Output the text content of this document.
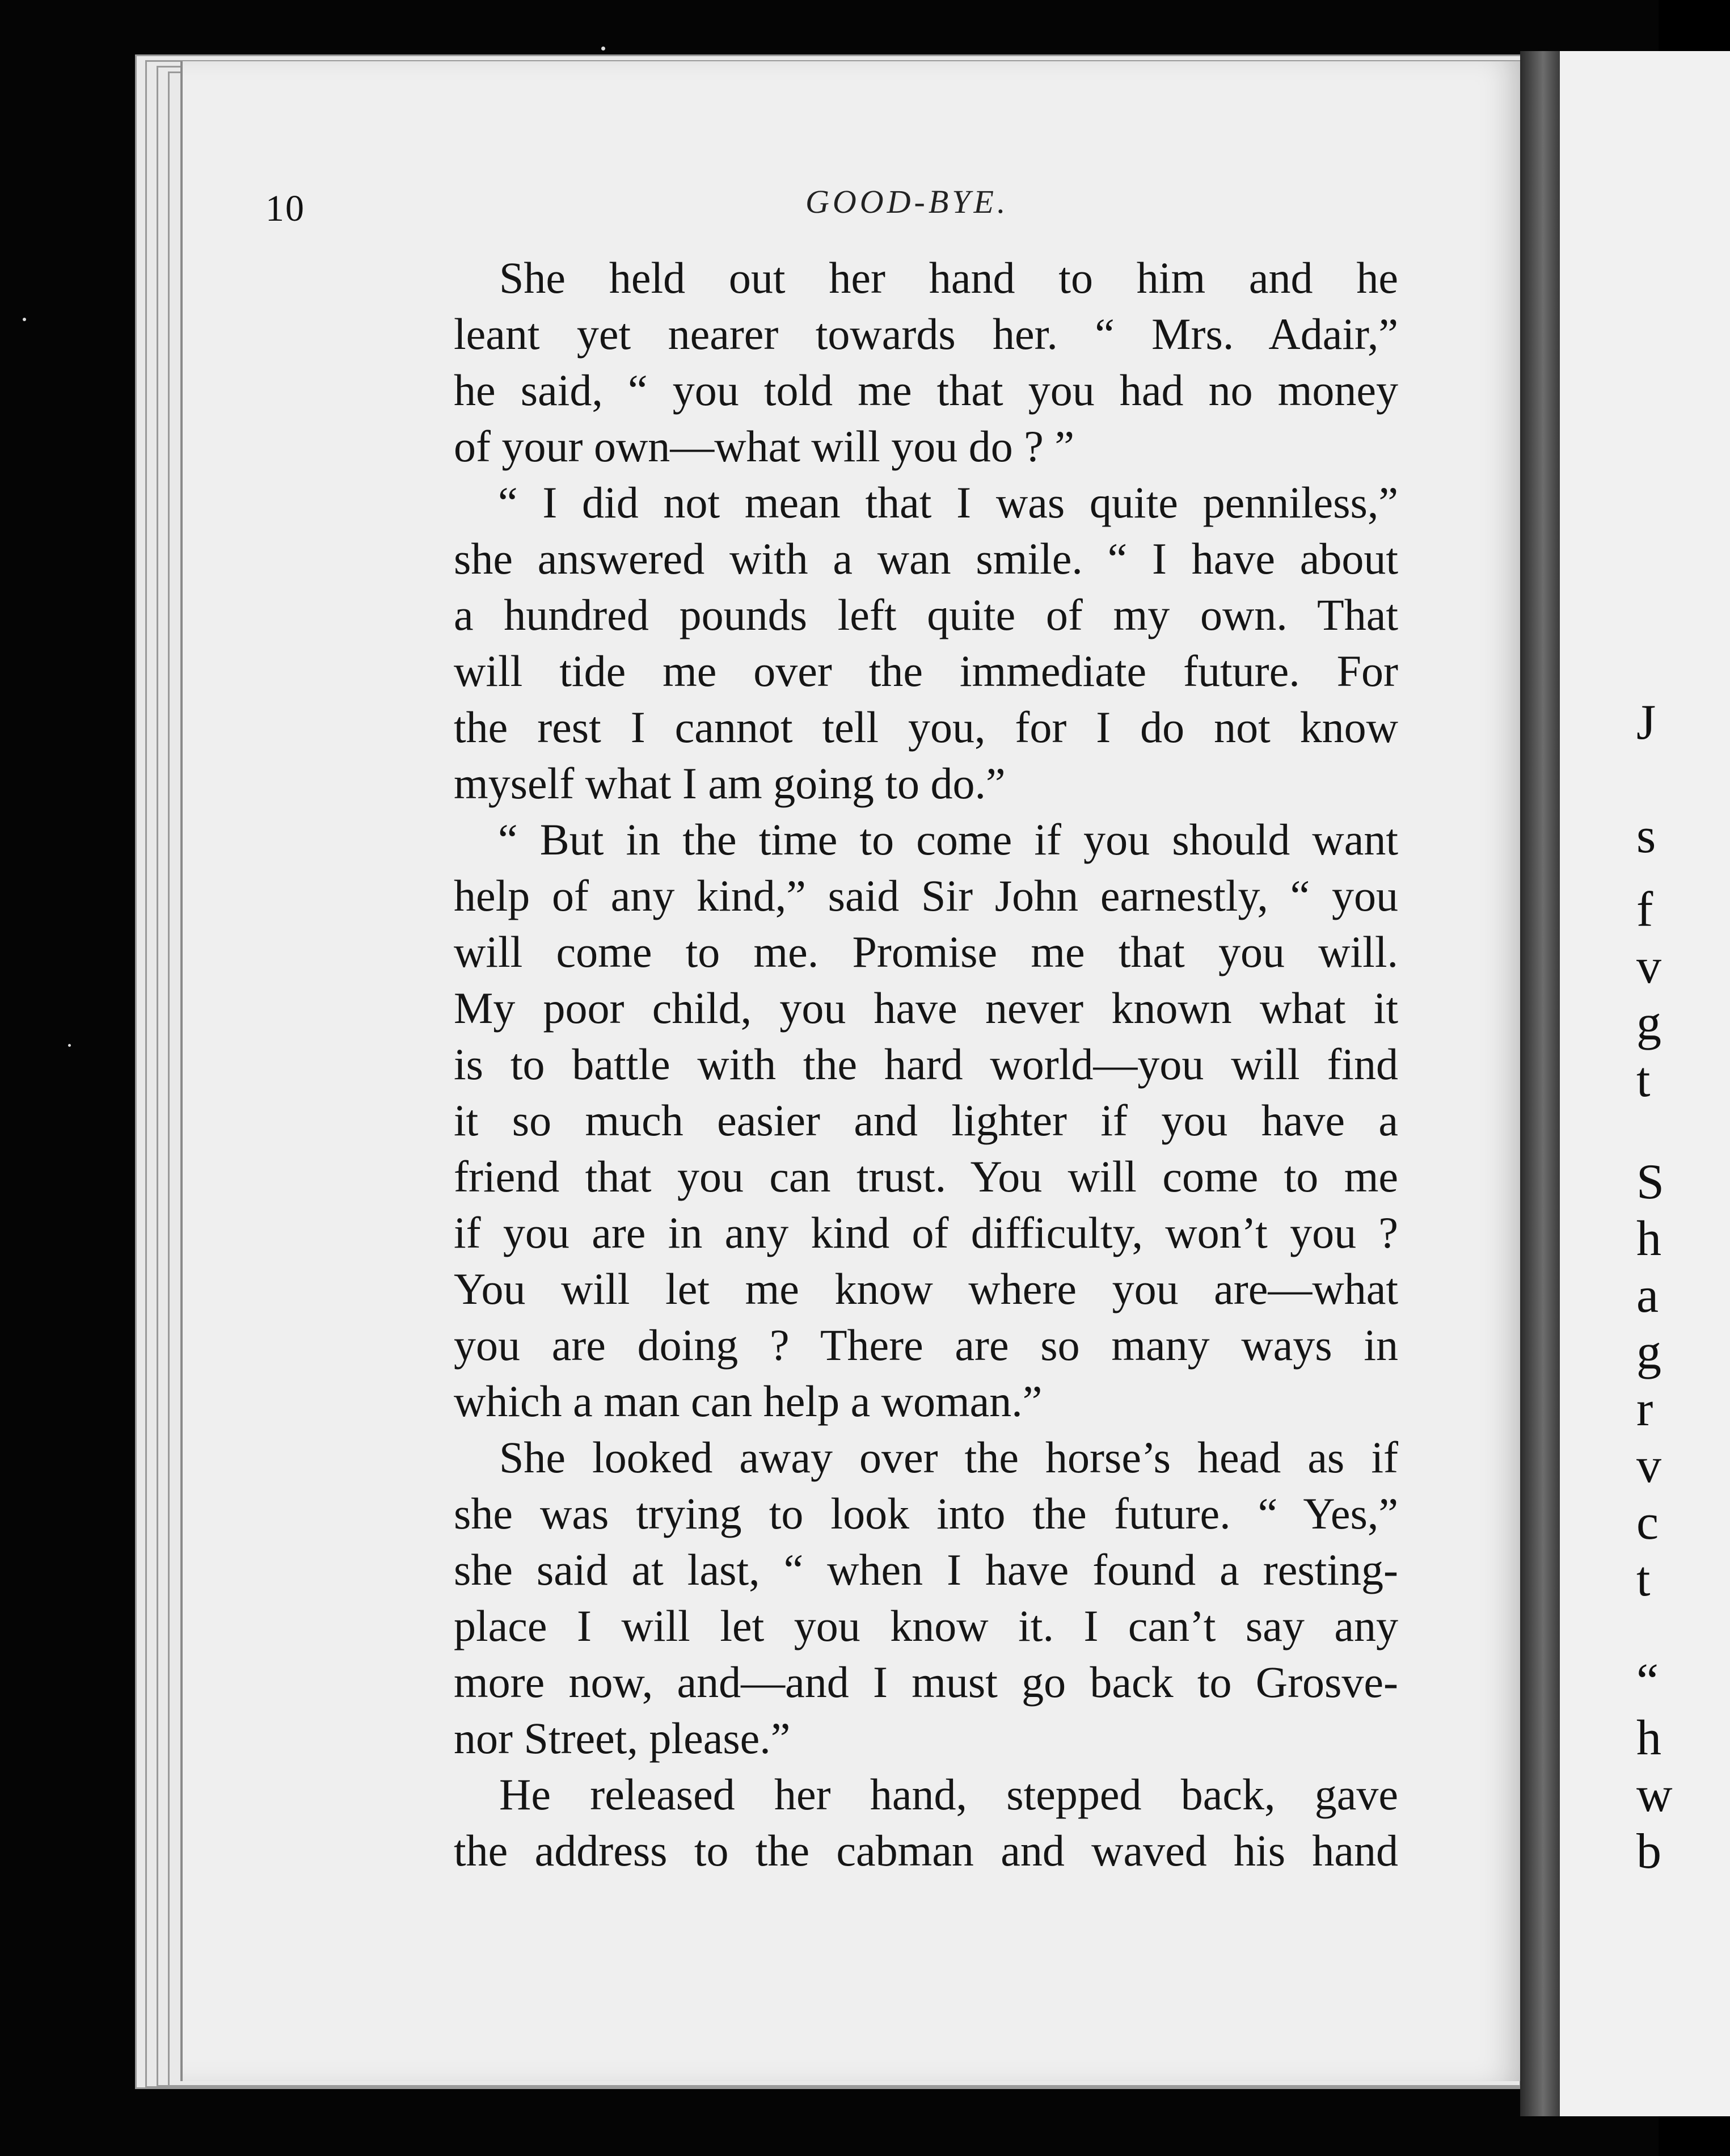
10	GOOD-BYE.
She held out her hand to him and he
leant yet nearer towards her. “ Mrs. Adair,”
he said, “ you told me that you had no money
of your own—what will you do ? ”
“ I did not mean that I was quite penniless,”
she answered with a wan smile. “ I have about
a hundred pounds left quite of my own. That
will tide me over the immediate future. For
the rest I cannot tell you, for I do not know
myself what I am going to do.”
“ But in the time to come if you should want
help of any kind,” said Sir John earnestly, “ you
will come to me. Promise me that you will.
My poor child, you have never known what it
is to battle with the hard world—you will find
it so much easier and lighter if you have a
friend that you can trust. You will come to me
if you are in any kind of difficulty, won’t you ?
You will let me know where you are—what
you are doing ? There are so many ways in
which a man can help a woman.”
She looked away over the horse’s head as if
she was trying to look into the future. “ Yes,”
she said at last, “ when I have found a resting-
place I will let you know it. I can’t say any
more now, and—and I must go back to Grosve-
nor Street, please.”
He released her hand, stepped back, gave
the address to the cabman and waved his hand
J
s
f
v
g
t
S
h
a
g
r
v
c
t
“
h
w
b
